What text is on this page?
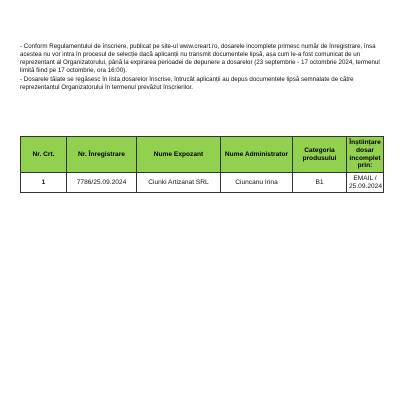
- Conform Regulamentului de înscriere, publicat pe site-ul www.creart.ro, dosarele incomplete primesc număr de înregistrare, însa acestea nu vor intra în procesul de selecție dacă aplicanții nu transmit documentele lipsă, așa cum le-a fost comunicat de un reprezentant al Organizatorului, până la expirarea perioadei de depunere a dosarelor (23 septembrie - 17 octombrie 2024, termenul limită fiind pe 17 octombrie, ora 16:00).

- Dosarele tăiate se regăsesc în lista dosarelor înscrise, întrucât aplicanții au depus documentele lipsă semnalate de către reprezentantul Organizatorului în termenul prevăzut înscrierilor.

Nr. Crt.	Nr. Înregistrare	Nume Expozant	Nume Administrator	Categoria produsului	Înștiințare dosar incomplet prin:
1	7786/25.09.2024	Ciunki Artizanat SRL	Ciuncanu Irina	B1	EMAIL / 25.09.2024
